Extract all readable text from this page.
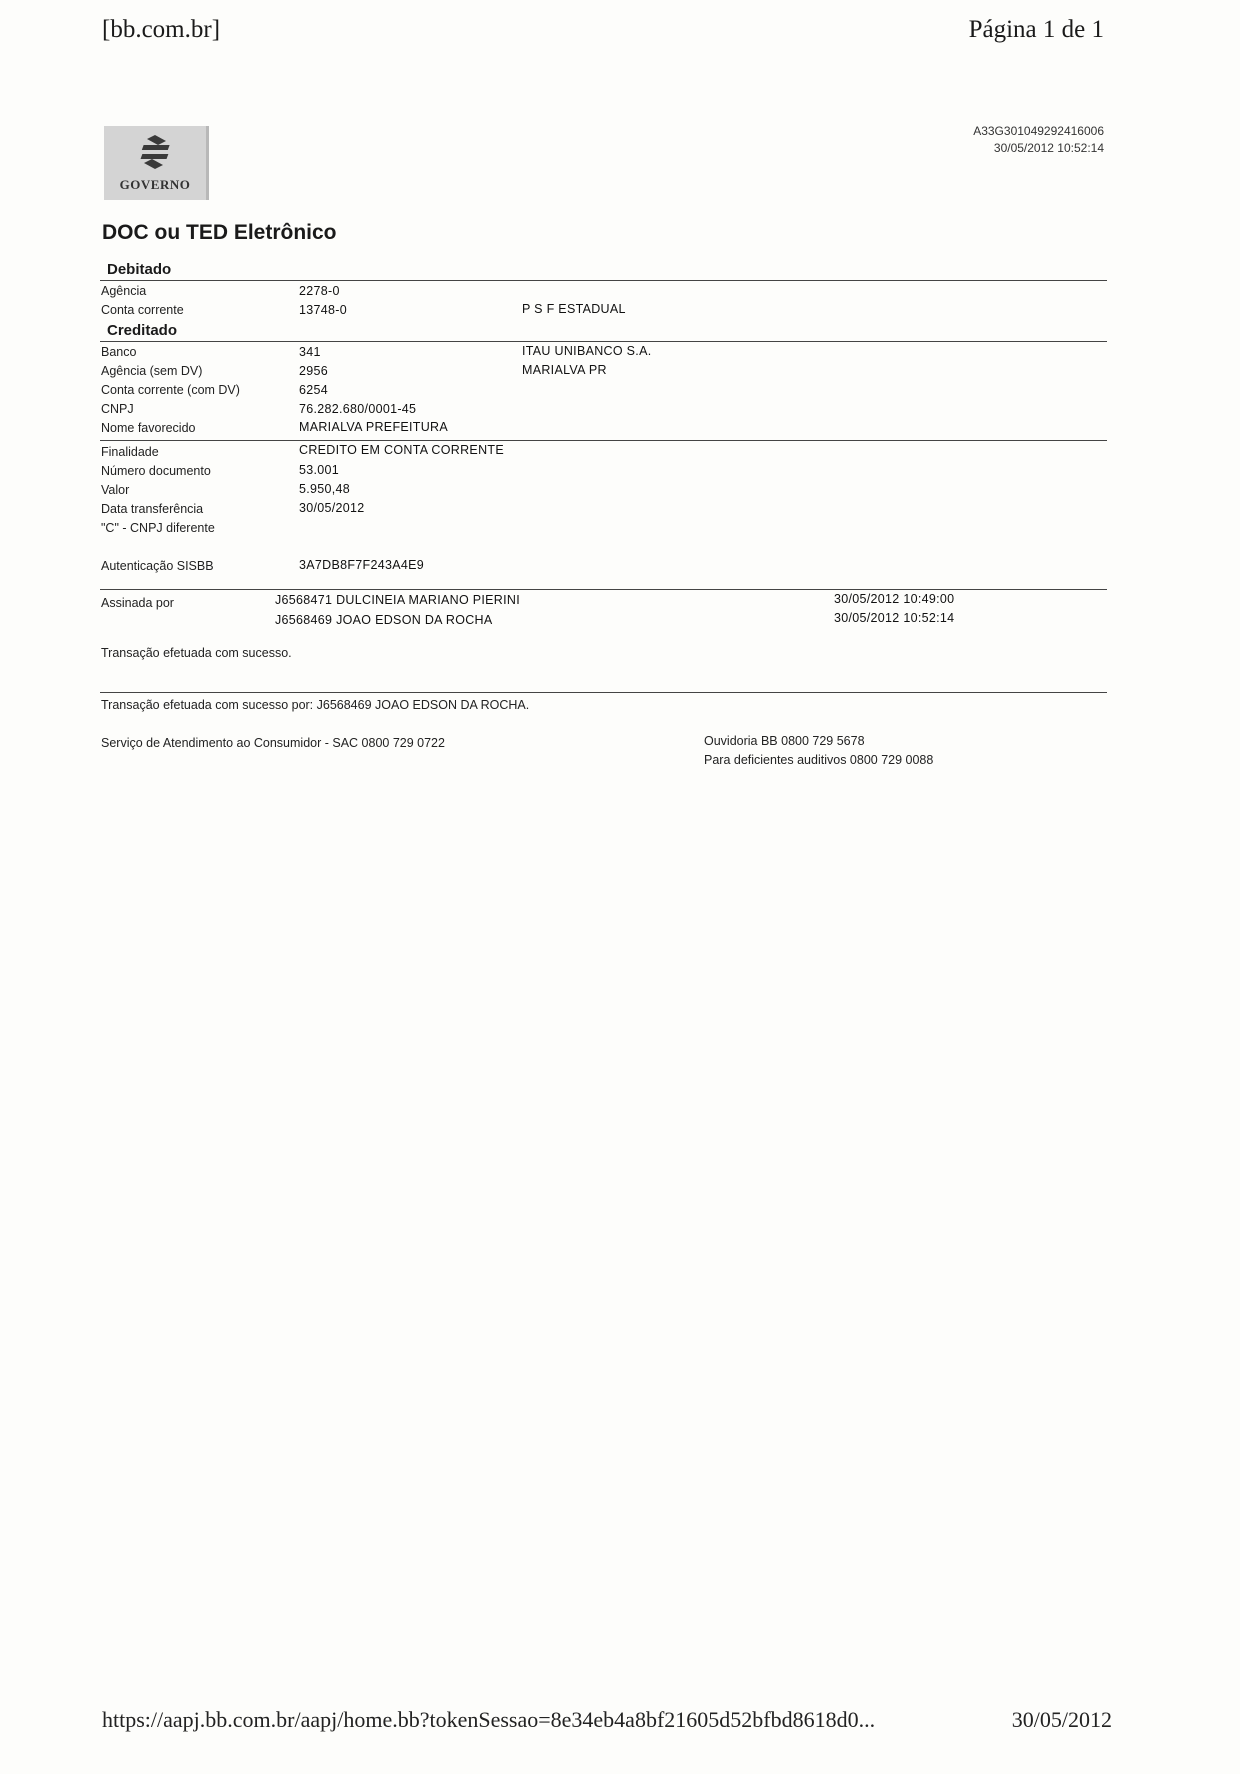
[bb.com.br]	Página 1 de 1
A33G301049292416006
30/05/2012 10:52:14
GOVERNO
DOC ou TED Eletrônico
Debitado
Agência	2278-0
Conta corrente	13748-0	P S F ESTADUAL
Creditado
Banco	341	ITAU UNIBANCO S.A.
Agência (sem DV)	2956	MARIALVA PR
Conta corrente (com DV)	6254
CNPJ	76.282.680/0001-45
Nome favorecido	MARIALVA PREFEITURA
Finalidade	CREDITO EM CONTA CORRENTE
Número documento	53.001
Valor	5.950,48
Data transferência	30/05/2012
"C" - CNPJ diferente
Autenticação SISBB	3A7DB8F7F243A4E9
Assinada por	J6568471 DULCINEIA MARIANO PIERINI	30/05/2012 10:49:00
J6568469 JOAO EDSON DA ROCHA	30/05/2012 10:52:14
Transação efetuada com sucesso.
Transação efetuada com sucesso por: J6568469 JOAO EDSON DA ROCHA.
Serviço de Atendimento ao Consumidor - SAC 0800 729 0722	Ouvidoria BB 0800 729 5678
Para deficientes auditivos 0800 729 0088
https://aapj.bb.com.br/aapj/home.bb?tokenSessao=8e34eb4a8bf21605d52bfbd8618d0...	30/05/2012
